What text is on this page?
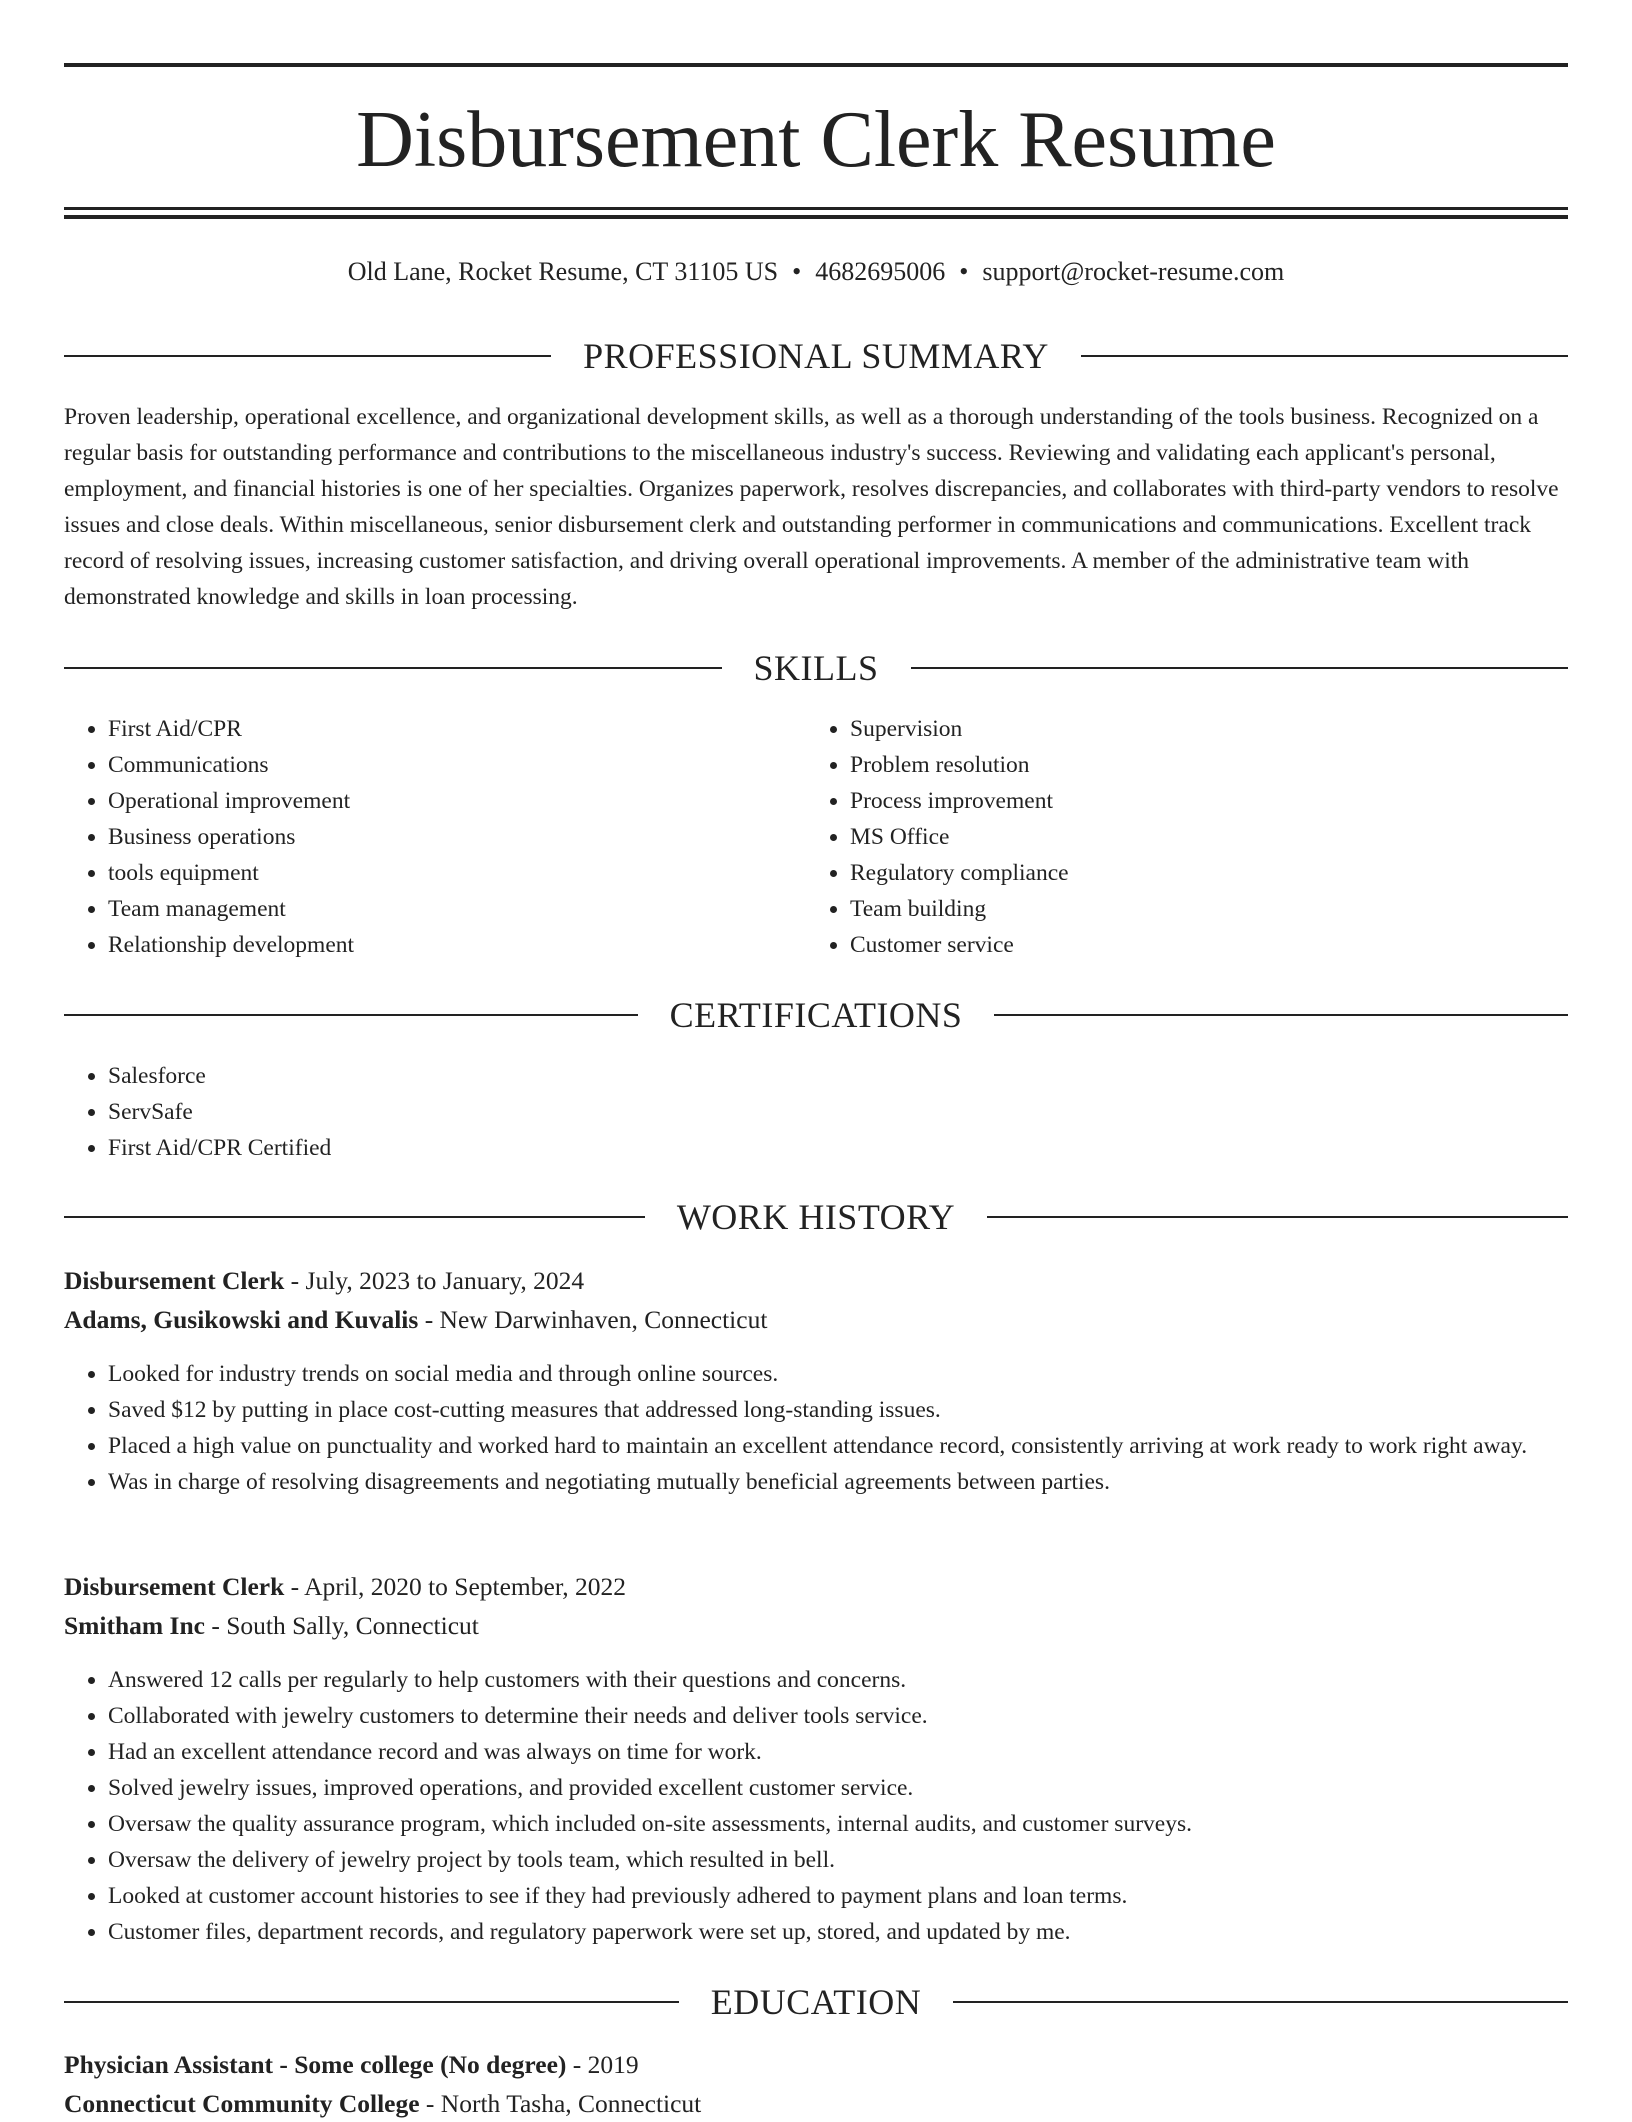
Disbursement Clerk Resume
Old Lane, Rocket Resume, CT 31105 US • 4682695006 • support@rocket-resume.com
PROFESSIONAL SUMMARY

Proven leadership, operational excellence, and organizational development skills, as well as a thorough understanding of the tools business. Recognized on a regular basis for outstanding performance and contributions to the miscellaneous industry's success. Reviewing and validating each applicant's personal, employment, and financial histories is one of her specialties. Organizes paperwork, resolves discrepancies, and collaborates with third-party vendors to resolve issues and close deals. Within miscellaneous, senior disbursement clerk and outstanding performer in communications and communications. Excellent track record of resolving issues, increasing customer satisfaction, and driving overall operational improvements. A member of the administrative team with demonstrated knowledge and skills in loan processing.

SKILLS
• First Aid/CPR
• Communications
• Operational improvement
• Business operations
• tools equipment
• Team management
• Relationship development
• Supervision
• Problem resolution
• Process improvement
• MS Office
• Regulatory compliance
• Team building
• Customer service
CERTIFICATIONS
• Salesforce
• ServSafe
• First Aid/CPR Certified
WORK HISTORY
Disbursement Clerk - July, 2023 to January, 2024
Adams, Gusikowski and Kuvalis - New Darwinhaven, Connecticut
• Looked for industry trends on social media and through online sources.
• Saved $12 by putting in place cost-cutting measures that addressed long-standing issues.
• Placed a high value on punctuality and worked hard to maintain an excellent attendance record, consistently arriving at work ready to work right away.
• Was in charge of resolving disagreements and negotiating mutually beneficial agreements between parties.
Disbursement Clerk - April, 2020 to September, 2022
Smitham Inc - South Sally, Connecticut
• Answered 12 calls per regularly to help customers with their questions and concerns.
• Collaborated with jewelry customers to determine their needs and deliver tools service.
• Had an excellent attendance record and was always on time for work.
• Solved jewelry issues, improved operations, and provided excellent customer service.
• Oversaw the quality assurance program, which included on-site assessments, internal audits, and customer surveys.
• Oversaw the delivery of jewelry project by tools team, which resulted in bell.
• Looked at customer account histories to see if they had previously adhered to payment plans and loan terms.
• Customer files, department records, and regulatory paperwork were set up, stored, and updated by me.
EDUCATION
Physician Assistant - Some college (No degree) - 2019
Connecticut Community College - North Tasha, Connecticut
